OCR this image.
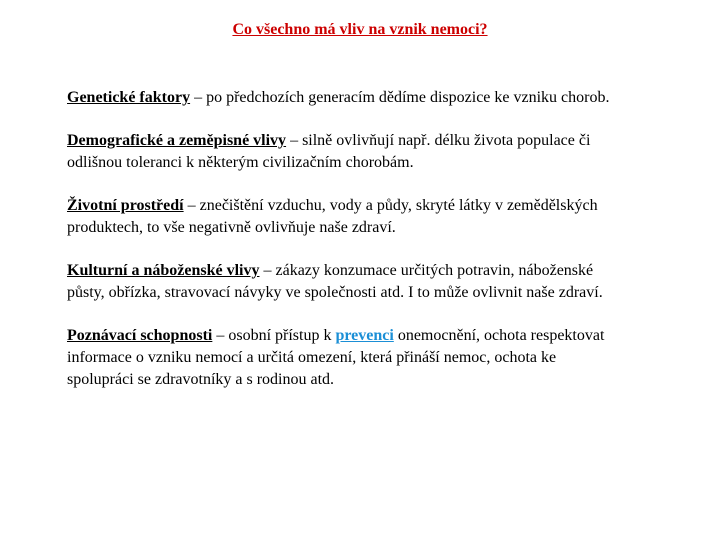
Co všechno má vliv na vznik nemoci?

Genetické faktory – po předchozích generacím dědíme dispozice ke vzniku chorob.

Demografické a zeměpisné vlivy – silně ovlivňují např. délku života populace či
odlišnou toleranci k některým civilizačním chorobám.

Životní prostředí – znečištění vzduchu, vody a půdy, skryté látky v zemědělských
produktech, to vše negativně ovlivňuje naše zdraví.

Kulturní a náboženské vlivy – zákazy konzumace určitých potravin, náboženské
půsty, obřízka, stravovací návyky ve společnosti atd. I to může ovlivnit naše zdraví.

Poznávací schopnosti – osobní přístup k prevenci onemocnění, ochota respektovat
informace o vzniku nemocí a určitá omezení, která přináší nemoc, ochota ke
spolupráci se zdravotníky a s rodinou atd.
